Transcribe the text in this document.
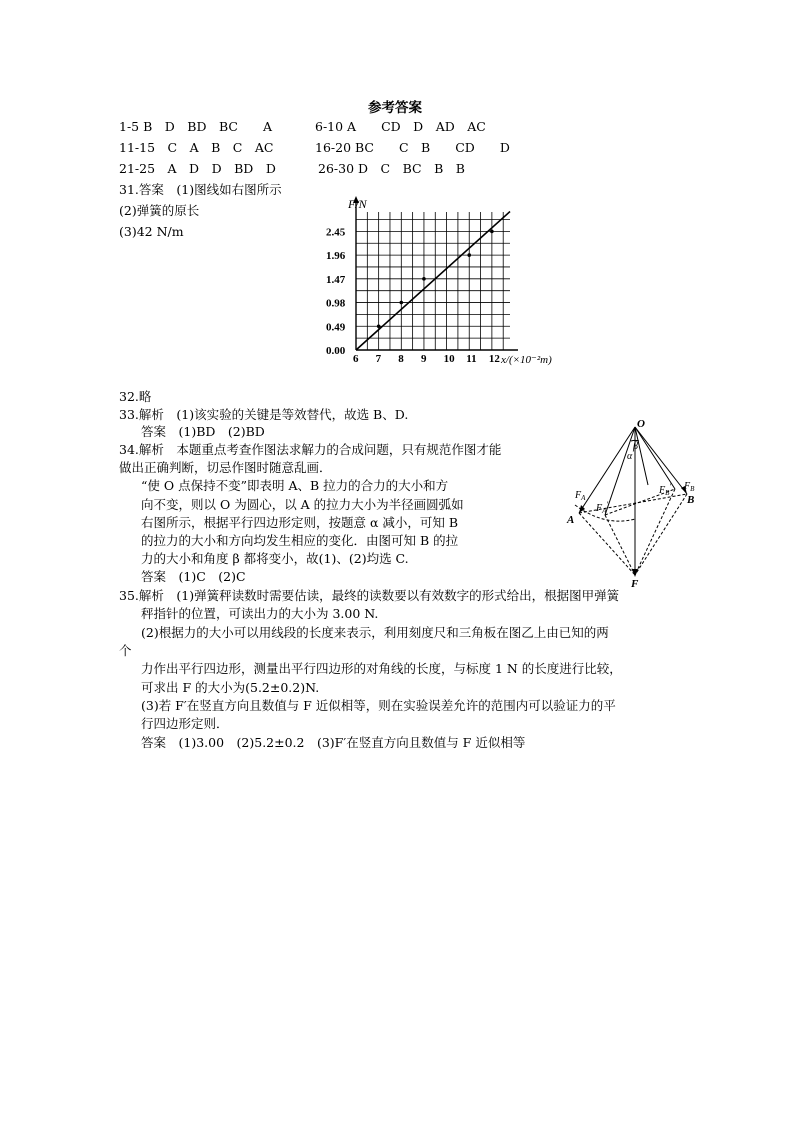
参考答案
1-5 B　D　BD　BC　　A	6-10 A　　CD　D　AD　AC
11-15　C　A　B　C　AC	16-20 BC　　C　B　　CD　　D
21-25　A　D　D　BD　D	26-30 D　C　BC　B　B
31.答案　(1)图线如右图所示
(2)弹簧的原长
(3)42 N/m
6 7 8 9 10 11 12
0.00
0.49
0.98
1.47
1.96
2.45
F/N
x/(×10⁻²m)
32.略
33.解析　(1)该实验的关键是等效替代，故选 B、D.
答案　(1)BD　(2)BD
34.解析　本题重点考查作图法求解力的合成问题，只有规范作图才能
做出正确判断，切忌作图时随意乱画．
“使 O 点保持不变”即表明 A、B 拉力的合力的大小和方
向不变，则以 O 为圆心，以 A 的拉力大小为半径画圆弧如
右图所示，根据平行四边形定则，按题意 α 减小，可知 B
的拉力的大小和方向均发生相应的变化．由图可知 B 的拉
力的大小和角度 β 都将变小，故(1)、(2)均选 C.
答案　(1)C　(2)C
O
A
B
F
$F_A$
$F_A'$
$F_B'$ $F_B$
α
β
35.解析　(1)弹簧秤读数时需要估读，最终的读数要以有效数字的形式给出，根据图甲弹簧
秤指针的位置，可读出力的大小为 3.00 N.
(2)根据力的大小可以用线段的长度来表示，利用刻度尺和三角板在图乙上由已知的两
个
力作出平行四边形，测量出平行四边形的对角线的长度，与标度 1 N 的长度进行比较，
可求出 F 的大小为(5.2±0.2)N.
(3)若 F′在竖直方向且数值与 F 近似相等，则在实验误差允许的范围内可以验证力的平
行四边形定则．
答案　(1)3.00　(2)5.2±0.2　(3)F′在竖直方向且数值与 F 近似相等
